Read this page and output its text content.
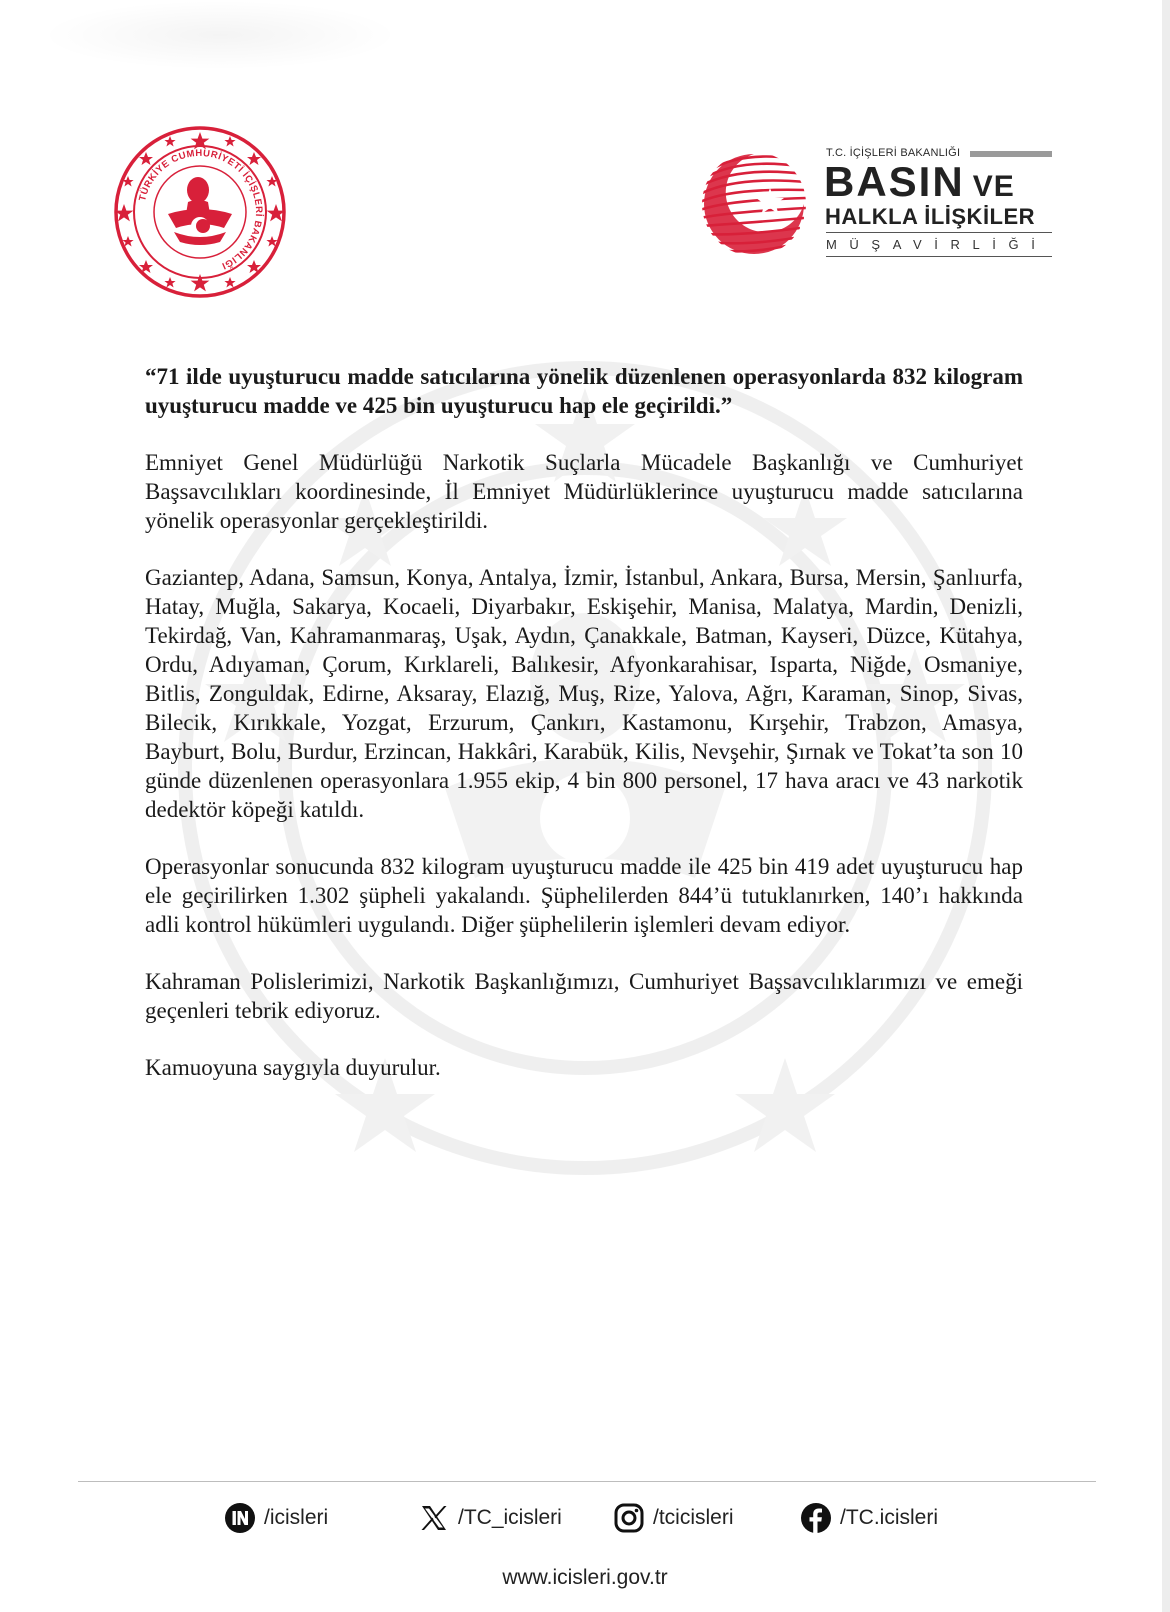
TÜRKİYE CUMHURİYETİ İÇİŞLERİ BAKANLIĞI
T.C. İÇİŞLERİ BAKANLIĞI
BASIN VE
HALKLA İLİŞKİLER
MÜŞAVİRLİĞİ

“71 ilde uyuşturucu madde satıcılarına yönelik düzenlenen operasyonlarda 832 kilogram uyuşturucu madde ve 425 bin uyuşturucu hap ele geçirildi.”

Emniyet Genel Müdürlüğü Narkotik Suçlarla Mücadele Başkanlığı ve Cumhuriyet Başsavcılıkları koordinesinde, İl Emniyet Müdürlüklerince uyuşturucu madde satıcılarına yönelik operasyonlar gerçekleştirildi.

Gaziantep, Adana, Samsun, Konya, Antalya, İzmir, İstanbul, Ankara, Bursa, Mersin, Şanlıurfa, Hatay, Muğla, Sakarya, Kocaeli, Diyarbakır, Eskişehir, Manisa, Malatya, Mardin, Denizli, Tekirdağ, Van, Kahramanmaraş, Uşak, Aydın, Çanakkale, Batman, Kayseri, Düzce, Kütahya, Ordu, Adıyaman, Çorum, Kırklareli, Balıkesir, Afyonkarahisar, Isparta, Niğde, Osmaniye, Bitlis, Zonguldak, Edirne, Aksaray, Elazığ, Muş, Rize, Yalova, Ağrı, Karaman, Sinop, Sivas, Bilecik, Kırıkkale, Yozgat, Erzurum, Çankırı, Kastamonu, Kırşehir, Trabzon, Amasya, Bayburt, Bolu, Burdur, Erzincan, Hakkâri, Karabük, Kilis, Nevşehir, Şırnak ve Tokat’ta son 10 günde düzenlenen operasyonlara 1.955 ekip, 4 bin 800 personel, 17 hava aracı ve 43 narkotik dedektör köpeği katıldı.

Operasyonlar sonucunda 832 kilogram uyuşturucu madde ile 425 bin 419 adet uyuşturucu hap ele geçirilirken 1.302 şüpheli yakalandı. Şüphelilerden 844’ü tutuklanırken, 140’ı hakkında adli kontrol hükümleri uygulandı. Diğer şüphelilerin işlemleri devam ediyor.

Kahraman Polislerimizi, Narkotik Başkanlığımızı, Cumhuriyet Başsavcılıklarımızı ve emeği geçenleri tebrik ediyoruz.

Kamuoyuna saygıyla duyurulur.

/icisleri	/TC_icisleri	/tcicisleri	/TC.icisleri
www.icisleri.gov.tr
